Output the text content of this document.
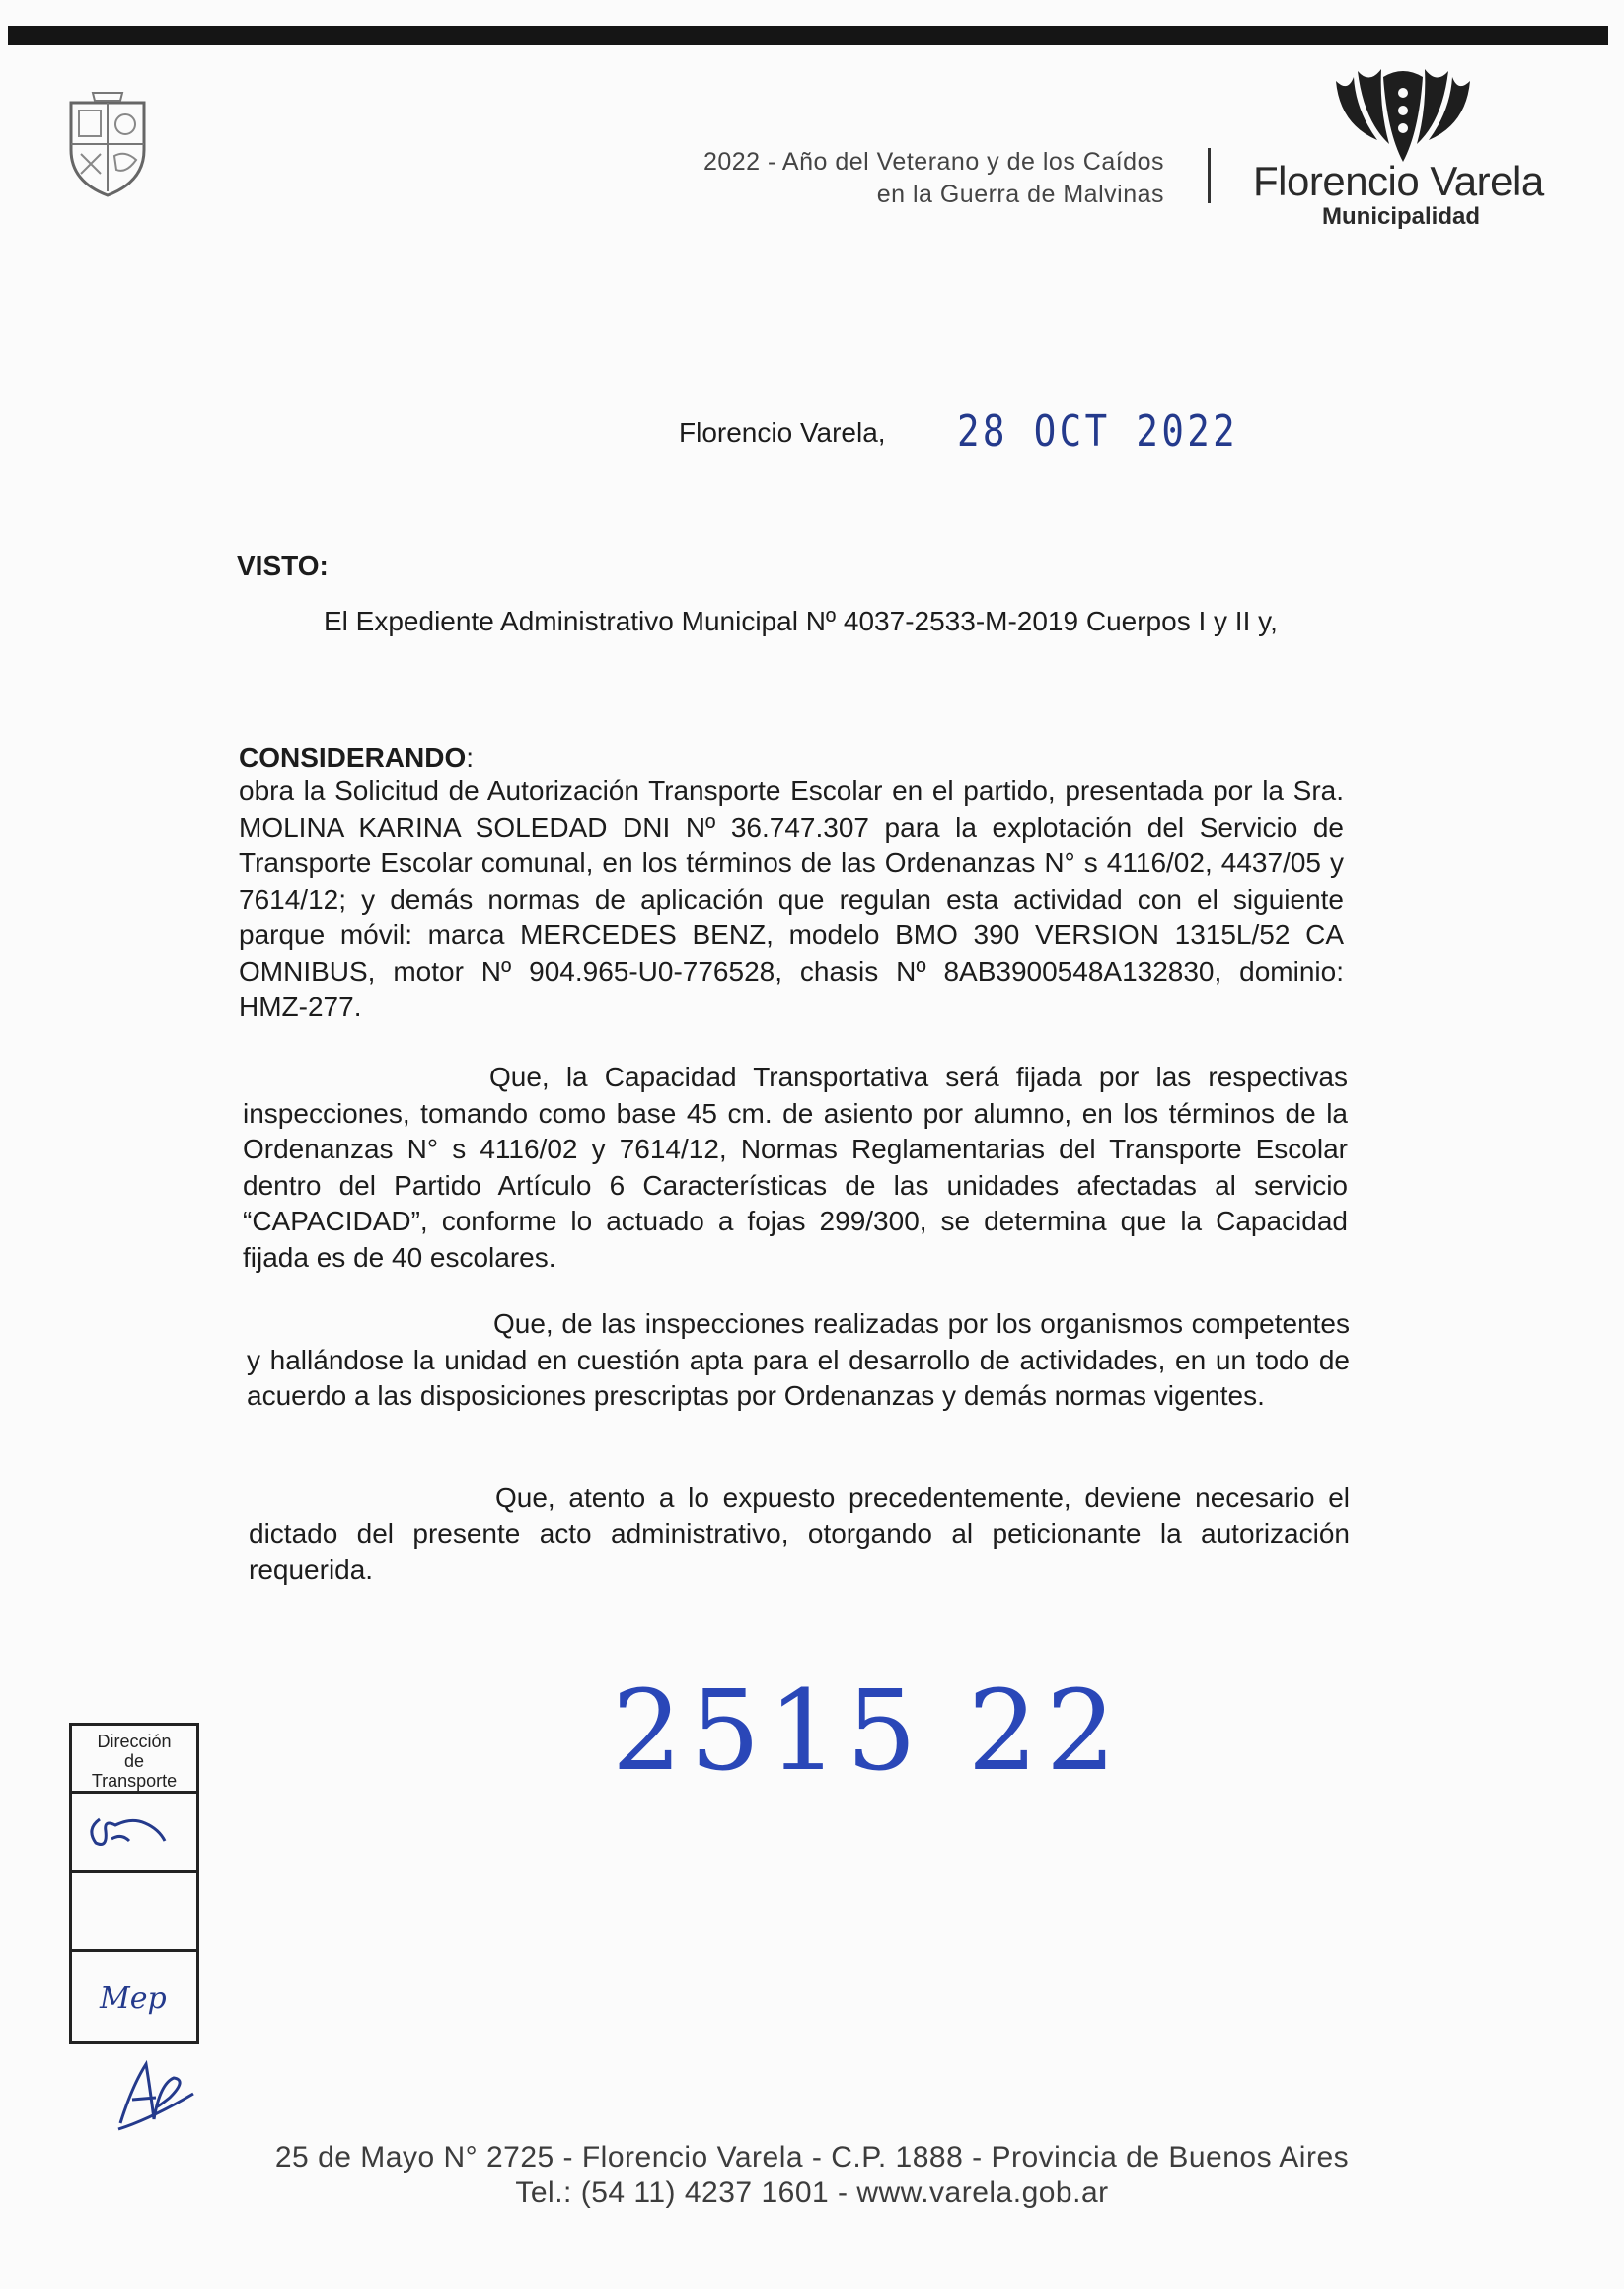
2022 - Año del Veterano y de los Caídos
en la Guerra de Malvinas Florencio Varela
Municipalidad
Florencio Varela, 28 OCT 2022
VISTO:
El Expediente Administrativo Municipal Nº 4037-2533-M-2019 Cuerpos I y II y,
CONSIDERANDO:
obra la Solicitud de Autorización Transporte Escolar en el partido, presentada por la Sra. MOLINA KARINA SOLEDAD DNI Nº 36.747.307 para la explotación del Servicio de Transporte Escolar comunal, en los términos de las Ordenanzas N° s 4116/02, 4437/05 y 7614/12; y demás normas de aplicación que regulan esta actividad con el siguiente parque móvil: marca MERCEDES BENZ, modelo BMO 390 VERSION 1315L/52 CA OMNIBUS, motor Nº 904.965-U0-776528, chasis Nº 8AB3900548A132830, dominio: HMZ-277.
Que, la Capacidad Transportativa será fijada por las respectivas inspecciones, tomando como base 45 cm. de asiento por alumno, en los términos de la Ordenanzas N° s 4116/02 y 7614/12, Normas Reglamentarias del Transporte Escolar dentro del Partido Artículo 6 Características de las unidades afectadas al servicio “CAPACIDAD”, conforme lo actuado a fojas 299/300, se determina que la Capacidad fijada es de 40 escolares.
Que, de las inspecciones realizadas por los organismos competentes y hallándose la unidad en cuestión apta para el desarrollo de actividades, en un todo de acuerdo a las disposiciones prescriptas por Ordenanzas y demás normas vigentes.
Que, atento a lo expuesto precedentemente, deviene necesario el dictado del presente acto administrativo, otorgando al peticionante la autorización requerida.
2515 22
Dirección
de
Transporte
Mep
25 de Mayo N° 2725 - Florencio Varela - C.P. 1888 - Provincia de Buenos Aires
Tel.: (54 11) 4237 1601 - www.varela.gob.ar
